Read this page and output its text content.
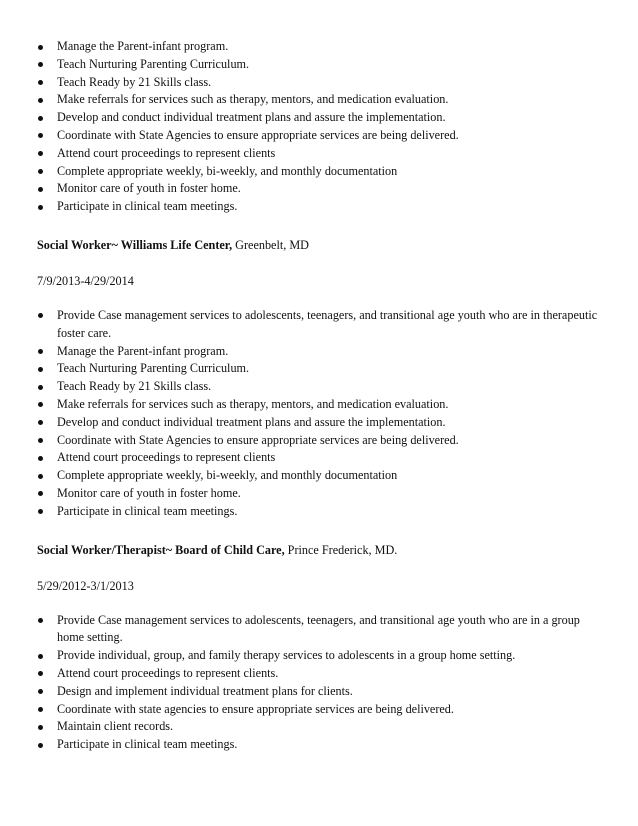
Manage the Parent-infant program.
Teach Nurturing Parenting Curriculum.
Teach Ready by 21 Skills class.
Make referrals for services such as therapy, mentors, and medication evaluation.
Develop and conduct individual treatment plans and assure the implementation.
Coordinate with State Agencies to ensure appropriate services are being delivered.
Attend court proceedings to represent clients
Complete appropriate weekly, bi-weekly, and monthly documentation
Monitor care of youth in foster home.
Participate in clinical team meetings.
Social Worker~ Williams Life Center, Greenbelt, MD
7/9/2013-4/29/2014
Provide Case management services to adolescents, teenagers, and transitional age youth who are in therapeutic foster care.
Manage the Parent-infant program.
Teach Nurturing Parenting Curriculum.
Teach Ready by 21 Skills class.
Make referrals for services such as therapy, mentors, and medication evaluation.
Develop and conduct individual treatment plans and assure the implementation.
Coordinate with State Agencies to ensure appropriate services are being delivered.
Attend court proceedings to represent clients
Complete appropriate weekly, bi-weekly, and monthly documentation
Monitor care of youth in foster home.
Participate in clinical team meetings.
Social Worker/Therapist~ Board of Child Care, Prince Frederick, MD.
5/29/2012-3/1/2013
Provide Case management services to adolescents, teenagers, and transitional age youth who are in a group home setting.
Provide individual, group, and family therapy services to adolescents in a group home setting.
Attend court proceedings to represent clients.
Design and implement individual treatment plans for clients.
Coordinate with state agencies to ensure appropriate services are being delivered.
Maintain client records.
Participate in clinical team meetings.
